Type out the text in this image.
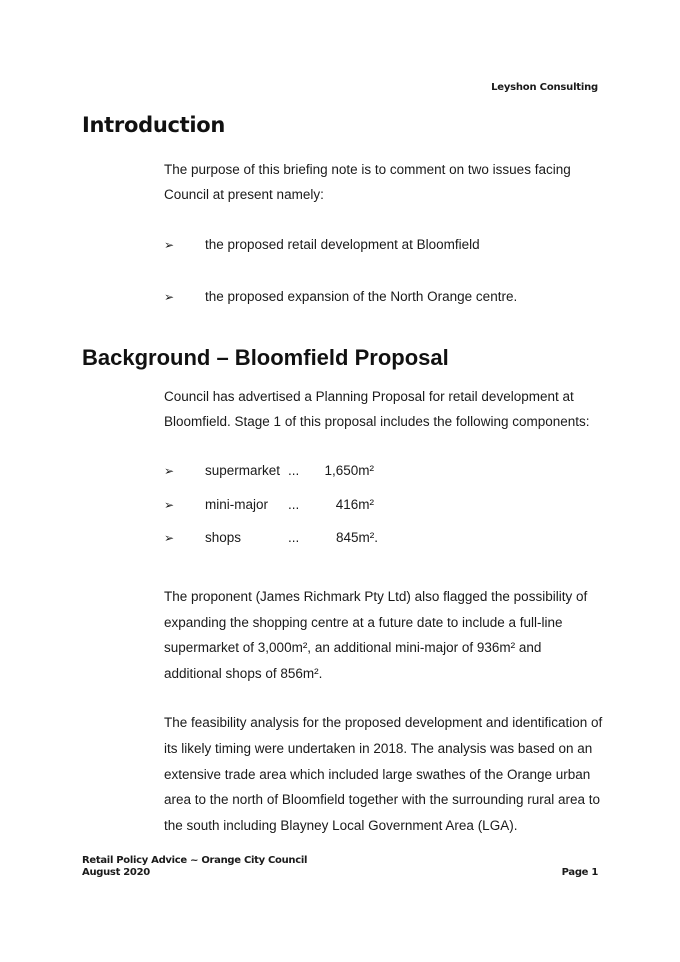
Leyshon Consulting
Introduction

The purpose of this briefing note is to comment on two issues facing

Council at present namely:

➢ the proposed retail development at Bloomfield
➢ the proposed expansion of the North Orange centre.
Background – Bloomfield Proposal

Council has advertised a Planning Proposal for retail development at

Bloomfield. Stage 1 of this proposal includes the following components:

➢ supermarket ...	1,650m²
➢ mini-major ...	416m²
➢ shops	...	845m².

The proponent (James Richmark Pty Ltd) also flagged the possibility of

expanding the shopping centre at a future date to include a full-line

supermarket of 3,000m², an additional mini-major of 936m² and

additional shops of 856m².

The feasibility analysis for the proposed development and identification of

its likely timing were undertaken in 2018. The analysis was based on an

extensive trade area which included large swathes of the Orange urban

area to the north of Bloomfield together with the surrounding rural area to

the south including Blayney Local Government Area (LGA).

Retail Policy Advice ~ Orange City Council
August 2020	Page 1
